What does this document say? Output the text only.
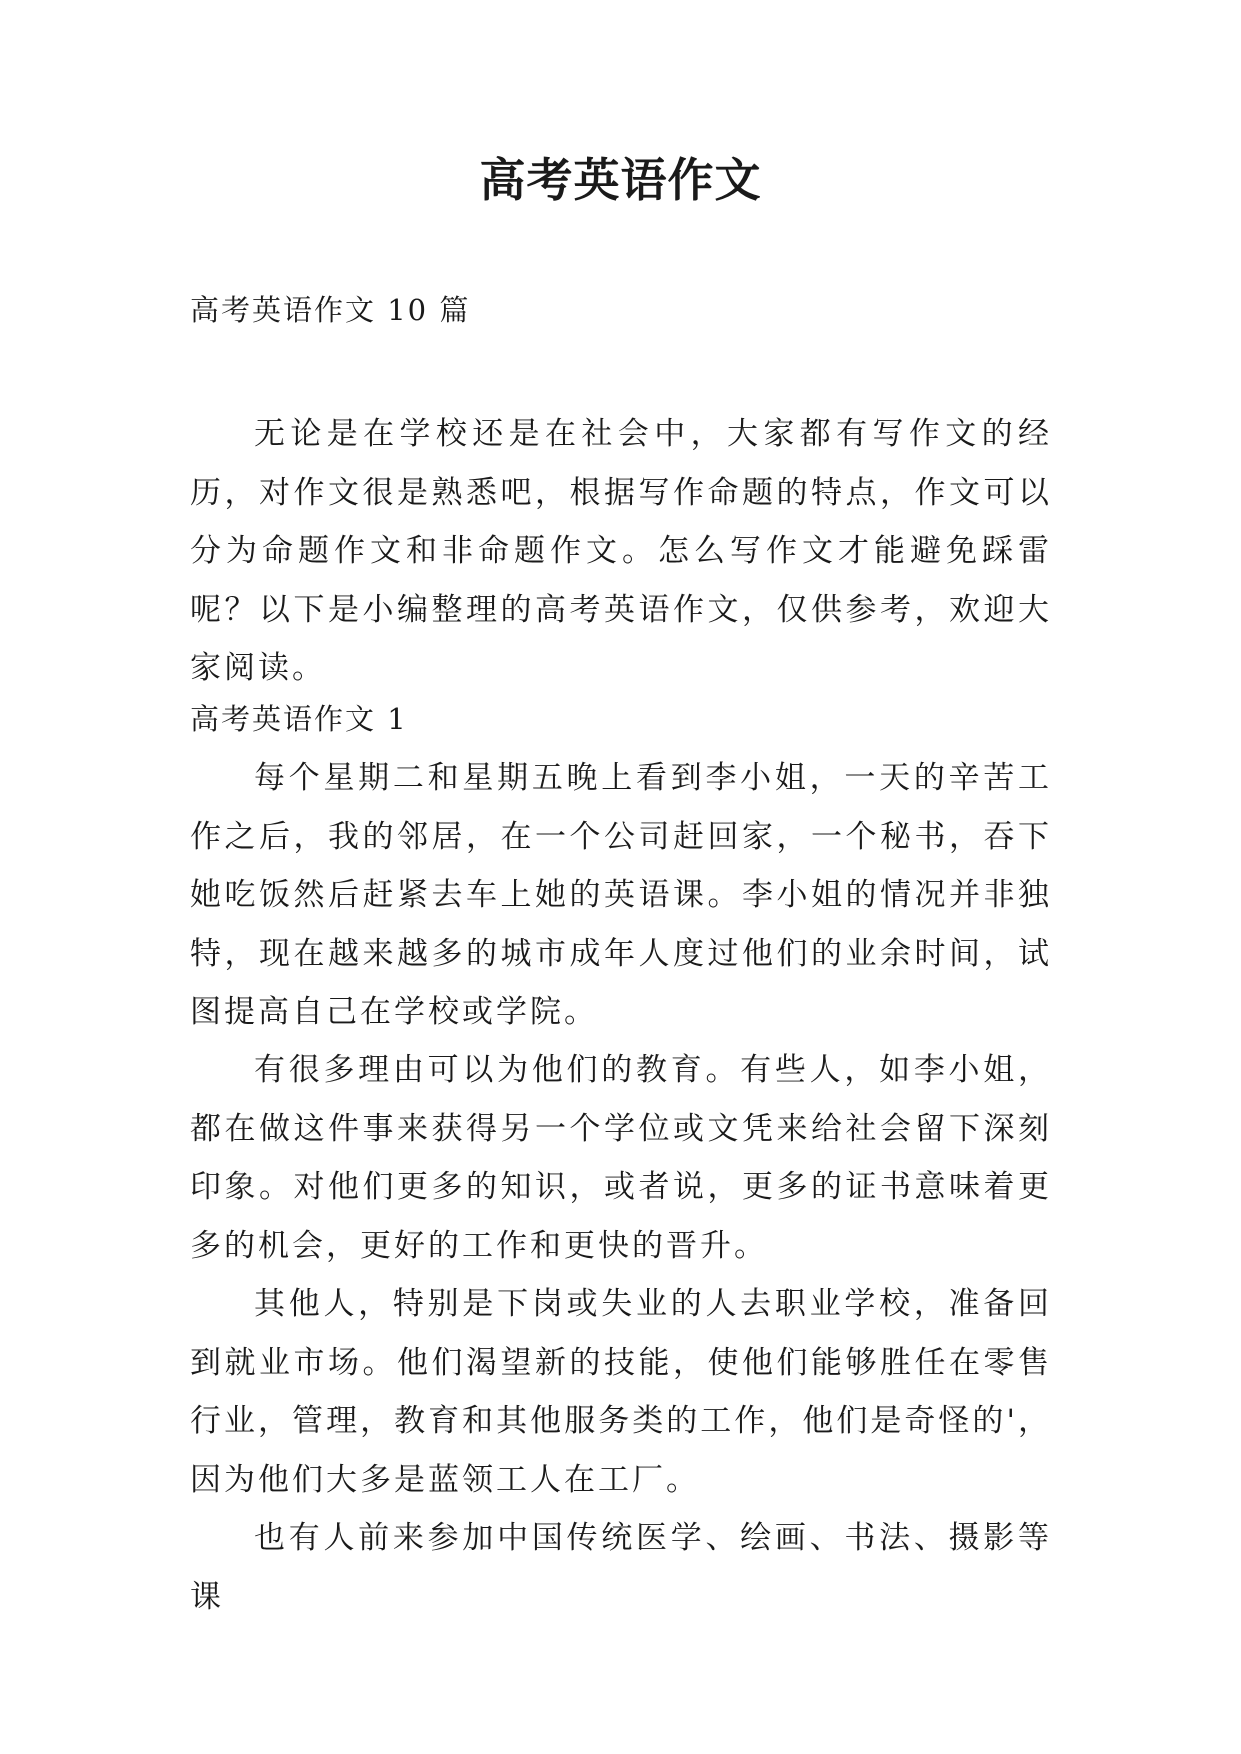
高考英语作文
高考英语作文 10 篇

无论是在学校还是在社会中，大家都有写作文的经历，对作文很是熟悉吧，根据写作命题的特点，作文可以分为命题作文和非命题作文。怎么写作文才能避免踩雷呢？以下是小编整理的高考英语作文，仅供参考，欢迎大家阅读。

高考英语作文 1

每个星期二和星期五晚上看到李小姐，一天的辛苦工作之后，我的邻居，在一个公司赶回家，一个秘书，吞下她吃饭然后赶紧去车上她的英语课。李小姐的情况并非独特，现在越来越多的城市成年人度过他们的业余时间，试图提高自己在学校或学院。

有很多理由可以为他们的教育。有些人，如李小姐，都在做这件事来获得另一个学位或文凭来给社会留下深刻印象。对他们更多的知识，或者说，更多的证书意味着更多的机会，更好的工作和更快的晋升。

其他人，特别是下岗或失业的人去职业学校，准备回到就业市场。他们渴望新的技能，使他们能够胜任在零售行业，管理，教育和其他服务类的工作，他们是奇怪的'，因为他们大多是蓝领工人在工厂。

也有人前来参加中国传统医学、绘画、书法、摄影等课
